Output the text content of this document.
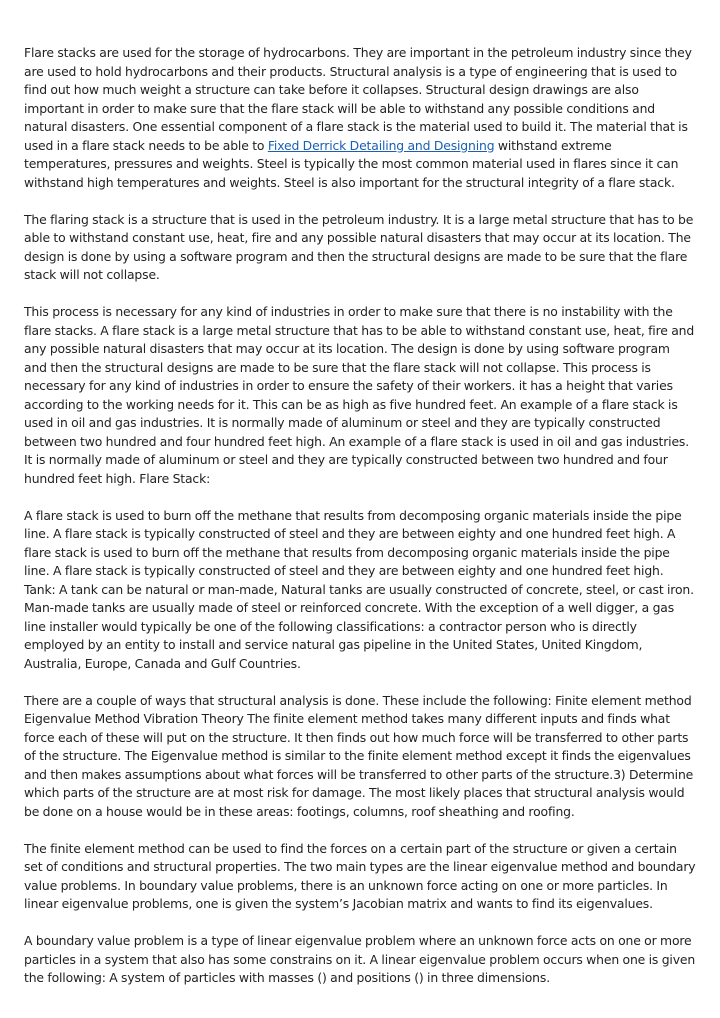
Flare stacks are used for the storage of hydrocarbons. They are important in the petroleum industry since they are used to hold hydrocarbons and their products. Structural analysis is a type of engineering that is used to find out how much weight a structure can take before it collapses. Structural design drawings are also important in order to make sure that the flare stack will be able to withstand any possible conditions and natural disasters. One essential component of a flare stack is the material used to build it. The material that is used in a flare stack needs to be able to Fixed Derrick Detailing and Designing withstand extreme temperatures, pressures and weights. Steel is typically the most common material used in flares since it can withstand high temperatures and weights. Steel is also important for the structural integrity of a flare stack.

The flaring stack is a structure that is used in the petroleum industry. It is a large metal structure that has to be able to withstand constant use, heat, fire and any possible natural disasters that may occur at its location. The design is done by using a software program and then the structural designs are made to be sure that the flare stack will not collapse.

This process is necessary for any kind of industries in order to make sure that there is no instability with the flare stacks. A flare stack is a large metal structure that has to be able to withstand constant use, heat, fire and any possible natural disasters that may occur at its location. The design is done by using software program and then the structural designs are made to be sure that the flare stack will not collapse. This process is necessary for any kind of industries in order to ensure the safety of their workers. it has a height that varies according to the working needs for it. This can be as high as five hundred feet. An example of a flare stack is used in oil and gas industries. It is normally made of aluminum or steel and they are typically constructed between two hundred and four hundred feet high. An example of a flare stack is used in oil and gas industries. It is normally made of aluminum or steel and they are typically constructed between two hundred and four hundred feet high. Flare Stack:

A flare stack is used to burn off the methane that results from decomposing organic materials inside the pipe line. A flare stack is typically constructed of steel and they are between eighty and one hundred feet high. A flare stack is used to burn off the methane that results from decomposing organic materials inside the pipe line. A flare stack is typically constructed of steel and they are between eighty and one hundred feet high. Tank: A tank can be natural or man-made, Natural tanks are usually constructed of concrete, steel, or cast iron. Man-made tanks are usually made of steel or reinforced concrete. With the exception of a well digger, a gas line installer would typically be one of the following classifications: a contractor person who is directly employed by an entity to install and service natural gas pipeline in the United States, United Kingdom, Australia, Europe, Canada and Gulf Countries.

There are a couple of ways that structural analysis is done. These include the following: Finite element method Eigenvalue Method Vibration Theory The finite element method takes many different inputs and finds what force each of these will put on the structure. It then finds out how much force will be transferred to other parts of the structure. The Eigenvalue method is similar to the finite element method except it finds the eigenvalues and then makes assumptions about what forces will be transferred to other parts of the structure.3) Determine which parts of the structure are at most risk for damage. The most likely places that structural analysis would be done on a house would be in these areas: footings, columns, roof sheathing and roofing.

The finite element method can be used to find the forces on a certain part of the structure or given a certain set of conditions and structural properties. The two main types are the linear eigenvalue method and boundary value problems. In boundary value problems, there is an unknown force acting on one or more particles. In linear eigenvalue problems, one is given the system’s Jacobian matrix and wants to find its eigenvalues.

A boundary value problem is a type of linear eigenvalue problem where an unknown force acts on one or more particles in a system that also has some constrains on it. A linear eigenvalue problem occurs when one is given the following: A system of particles with masses () and positions () in three dimensions.
